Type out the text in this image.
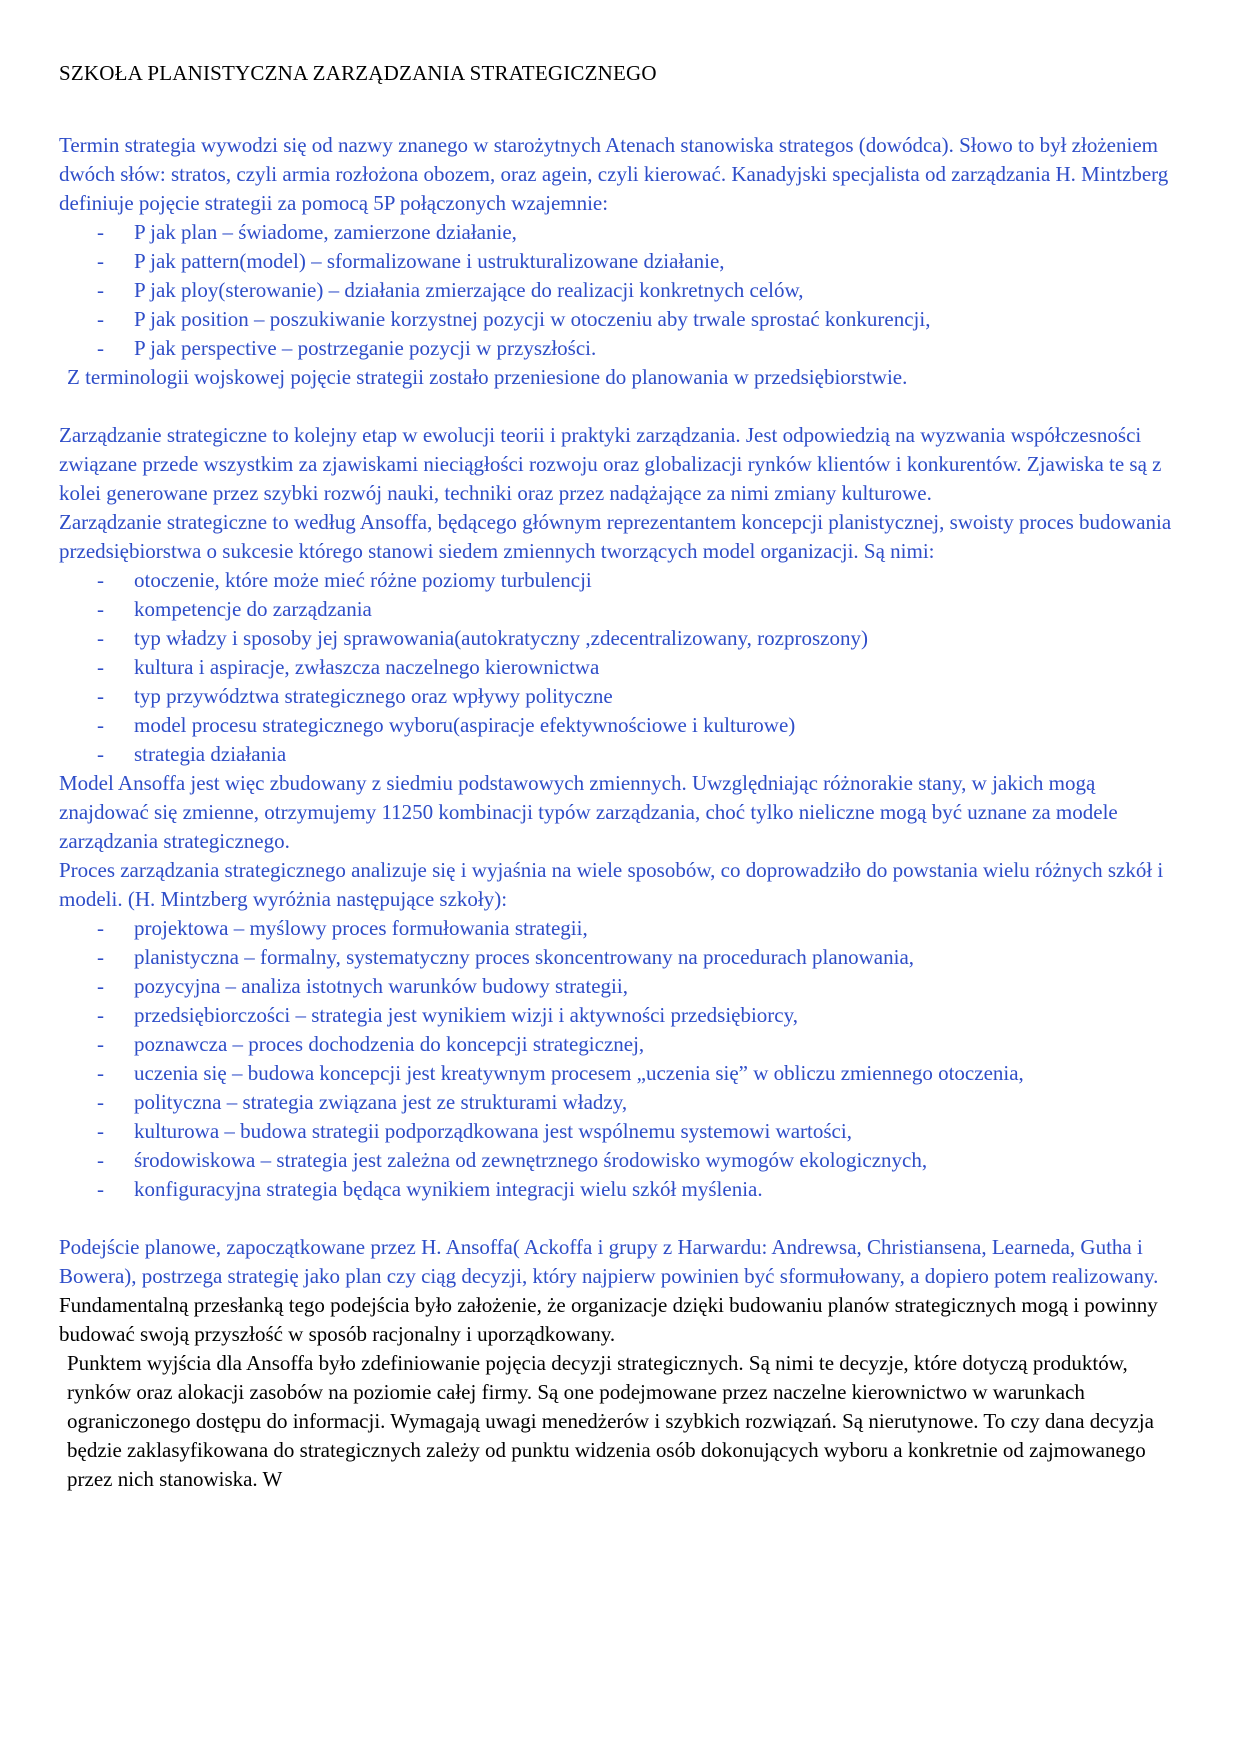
SZKOŁA PLANISTYCZNA ZARZĄDZANIA STRATEGICZNEGO

Termin strategia wywodzi się od nazwy znanego w starożytnych Atenach stanowiska strategos (dowódca). Słowo to był złożeniem dwóch słów: stratos, czyli armia rozłożona obozem, oraz agein, czyli kierować. Kanadyjski specjalista od zarządzania H. Mintzberg definiuje pojęcie strategii za pomocą 5P połączonych wzajemnie:

- P jak plan – świadome, zamierzone działanie,
- P jak pattern(model) – sformalizowane i ustrukturalizowane działanie,
- P jak ploy(sterowanie) – działania zmierzające do realizacji konkretnych celów,
- P jak position – poszukiwanie korzystnej pozycji w otoczeniu aby trwale sprostać konkurencji,
- P jak perspective – postrzeganie pozycji w przyszłości.

Z terminologii wojskowej pojęcie strategii zostało przeniesione do planowania w przedsiębiorstwie.

Zarządzanie strategiczne to kolejny etap w ewolucji teorii i praktyki zarządzania. Jest odpowiedzią na wyzwania współczesności związane przede wszystkim za zjawiskami nieciągłości rozwoju oraz globalizacji rynków klientów i konkurentów. Zjawiska te są z kolei generowane przez szybki rozwój nauki, techniki oraz przez nadążające za nimi zmiany kulturowe.

Zarządzanie strategiczne to według Ansoffa, będącego głównym reprezentantem koncepcji planistycznej, swoisty proces budowania przedsiębiorstwa o sukcesie którego stanowi siedem zmiennych tworzących model organizacji. Są nimi:

- otoczenie, które może mieć różne poziomy turbulencji
- kompetencje do zarządzania
- typ władzy i sposoby jej sprawowania(autokratyczny ,zdecentralizowany, rozproszony)
- kultura i aspiracje, zwłaszcza naczelnego kierownictwa
- typ przywództwa strategicznego oraz wpływy polityczne
- model procesu strategicznego wyboru(aspiracje efektywnościowe i kulturowe)
- strategia działania

Model Ansoffa jest więc zbudowany z siedmiu podstawowych zmiennych. Uwzględniając różnorakie stany, w jakich mogą znajdować się zmienne, otrzymujemy 11250 kombinacji typów zarządzania, choć tylko nieliczne mogą być uznane za modele zarządzania strategicznego.

Proces zarządzania strategicznego analizuje się i wyjaśnia na wiele sposobów, co doprowadziło do powstania wielu różnych szkół i modeli. (H. Mintzberg wyróżnia następujące szkoły):

- projektowa – myślowy proces formułowania strategii,
- planistyczna – formalny, systematyczny proces skoncentrowany na procedurach planowania,
- pozycyjna – analiza istotnych warunków budowy strategii,
- przedsiębiorczości – strategia jest wynikiem wizji i aktywności przedsiębiorcy,
- poznawcza – proces dochodzenia do koncepcji strategicznej,
- uczenia się – budowa koncepcji jest kreatywnym procesem „uczenia się” w obliczu zmiennego otoczenia,
- polityczna – strategia związana jest ze strukturami władzy,
- kulturowa – budowa strategii podporządkowana jest wspólnemu systemowi wartości,
- środowiskowa – strategia jest zależna od zewnętrznego środowisko wymogów ekologicznych,
- konfiguracyjna strategia będąca wynikiem integracji wielu szkół myślenia.

Podejście planowe, zapoczątkowane przez H. Ansoffa( Ackoffa i grupy z Harwardu: Andrewsa, Christiansena, Learneda, Gutha i Bowera), postrzega strategię jako plan czy ciąg decyzji, który najpierw powinien być sformułowany, a dopiero potem realizowany. Fundamentalną przesłanką tego podejścia było założenie, że organizacje dzięki budowaniu planów strategicznych mogą i powinny budować swoją przyszłość w sposób racjonalny i uporządkowany.

Punktem wyjścia dla Ansoffa było zdefiniowanie pojęcia decyzji strategicznych. Są nimi te decyzje, które dotyczą produktów, rynków oraz alokacji zasobów na poziomie całej firmy. Są one podejmowane przez naczelne kierownictwo w warunkach ograniczonego dostępu do informacji. Wymagają uwagi menedżerów i szybkich rozwiązań. Są nierutynowe. To czy dana decyzja będzie zaklasyfikowana do strategicznych zależy od punktu widzenia osób dokonujących wyboru a konkretnie od zajmowanego przez nich stanowiska. W
